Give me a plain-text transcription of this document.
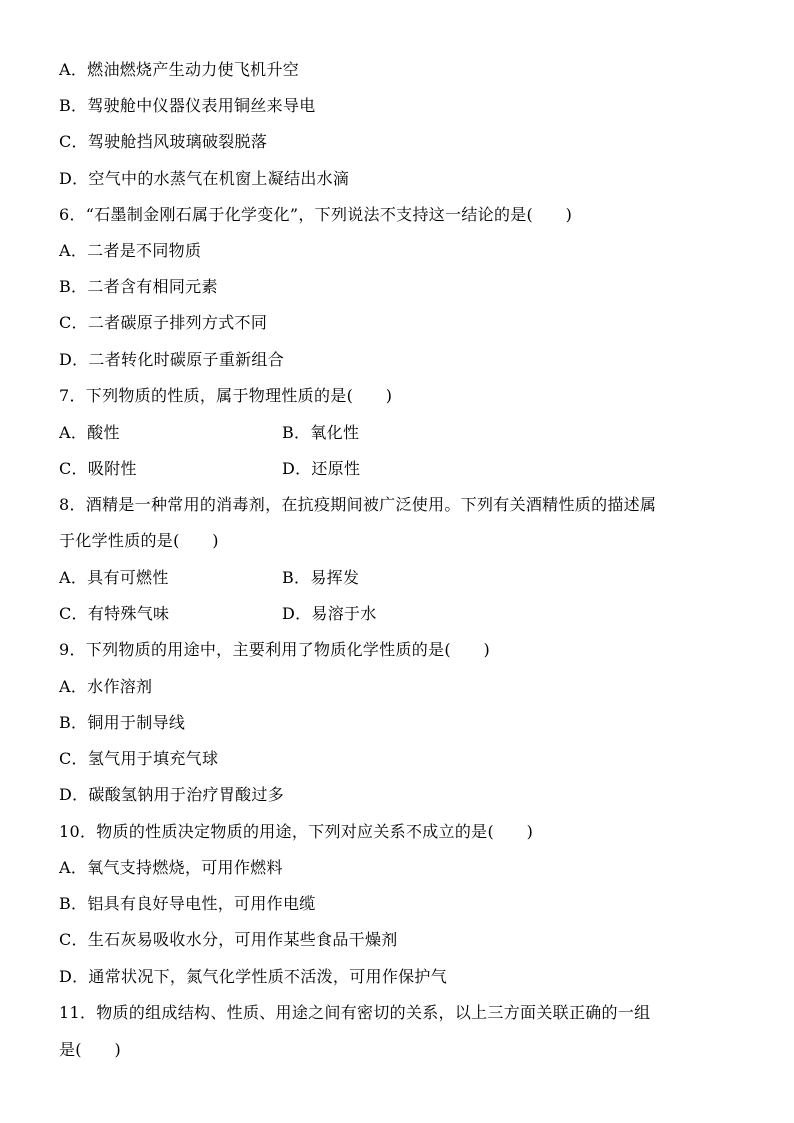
A．燃油燃烧产生动力使飞机升空
B．驾驶舱中仪器仪表用铜丝来导电
C．驾驶舱挡风玻璃破裂脱落
D．空气中的水蒸气在机窗上凝结出水滴
6．“石墨制金刚石属于化学变化”，下列说法不支持这一结论的是(　　)
A．二者是不同物质
B．二者含有相同元素
C．二者碳原子排列方式不同
D．二者转化时碳原子重新组合
7．下列物质的性质，属于物理性质的是(　　)
A．酸性	B．氧化性
C．吸附性	D．还原性
8．酒精是一种常用的消毒剂，在抗疫期间被广泛使用。下列有关酒精性质的描述属
于化学性质的是(　　)
A．具有可燃性	B．易挥发
C．有特殊气味	D．易溶于水
9．下列物质的用途中，主要利用了物质化学性质的是(　　)
A．水作溶剂
B．铜用于制导线
C．氢气用于填充气球
D．碳酸氢钠用于治疗胃酸过多
10．物质的性质决定物质的用途，下列对应关系不成立的是(　　)
A．氧气支持燃烧，可用作燃料
B．铝具有良好导电性，可用作电缆
C．生石灰易吸收水分，可用作某些食品干燥剂
D．通常状况下，氮气化学性质不活泼，可用作保护气
11．物质的组成结构、性质、用途之间有密切的关系，以上三方面关联正确的一组
是(　　)
